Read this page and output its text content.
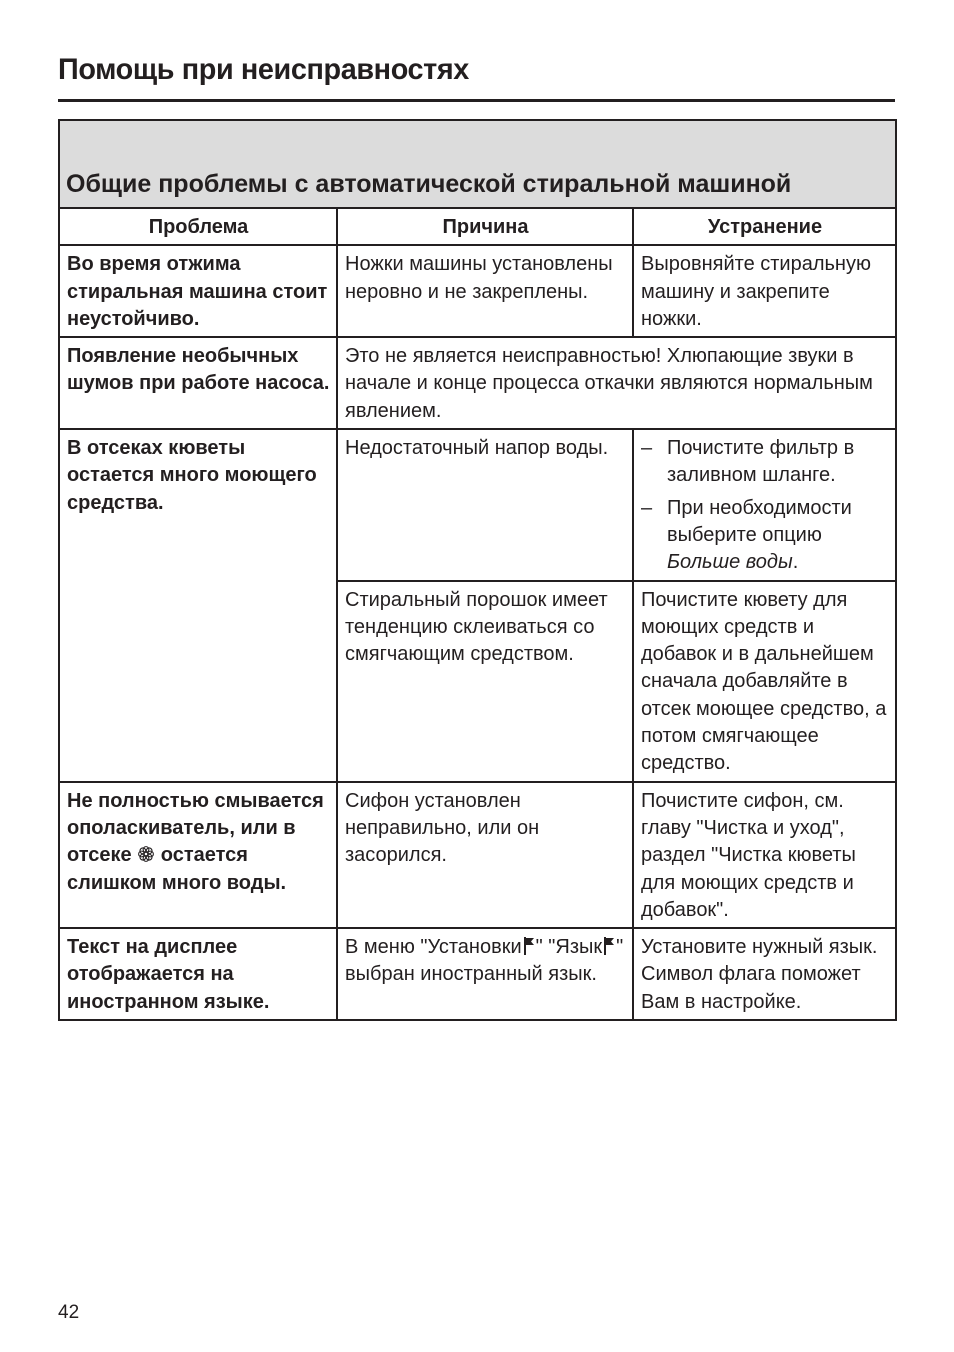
Помощь при неисправностях
Общие проблемы с автоматической стиральной машиной		
Проблема	Причина	Устранение
Во время отжима стиральная машина стоит неустойчиво.	Ножки машины установлены неровно и не закреплены.	Выровняйте стиральную машину и закрепите ножки.
Появление необычных шумов при работе насоса.	Это не является неисправностью! Хлюпающие звуки в начале и конце процесса откачки являются нормальным явлением.	
В отсеках кюветы остается много моющего средства.	Недостаточный напор воды.	– Почистите фильтр в заливном шланге.
– При необходимости выберите опцию Больше воды.

	Стиральный порошок имеет тенденцию склеиваться со смягчающим средством.	Почистите кювету для моющих средств и добавок и в дальнейшем сначала добавляйте в отсек моющее средство, а потом смягчающее средство.
Не полностью смывается ополаскиватель, или в отсеке остается слишком много воды.	Сифон установлен неправильно, или он засорился.	Почистите сифон, см. главу "Чистка и уход", раздел "Чистка кюветы для моющих средств и добавок".
Текст на дисплее отображается на иностранном языке.	В меню "Установки " "Язык " выбран иностранный язык.	Установите нужный язык. Символ флага поможет Вам в настройке.
42
